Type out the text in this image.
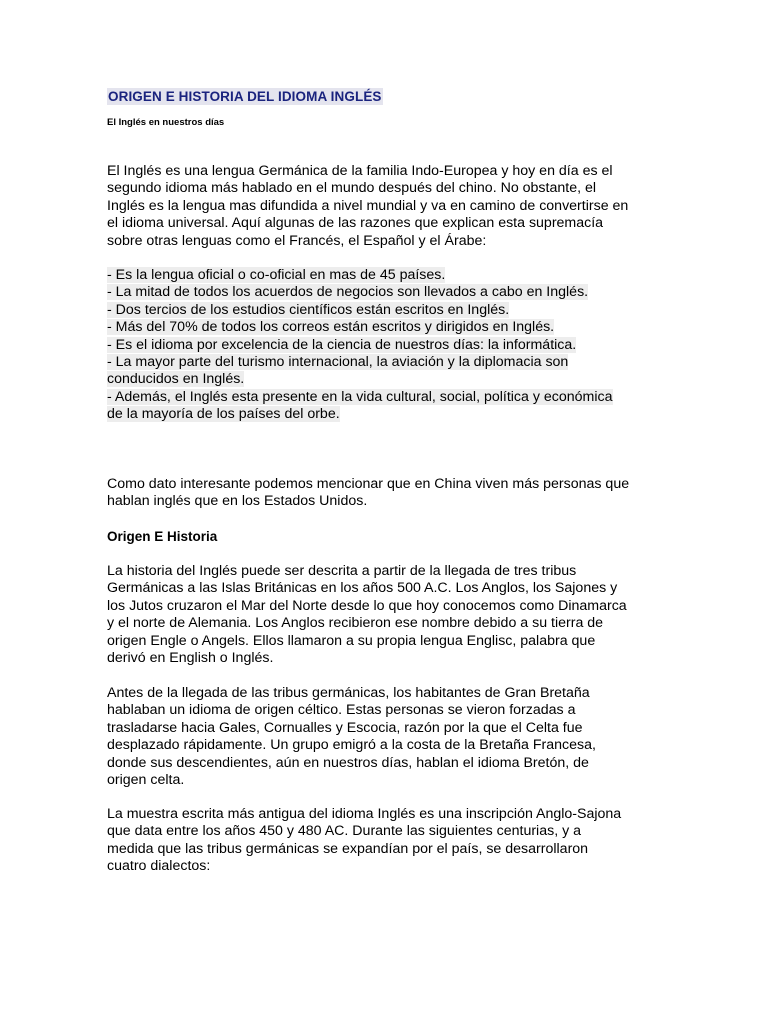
ORIGEN E HISTORIA DEL IDIOMA INGLÉS
El Inglés en nuestros días
El Inglés es una lengua Germánica de la familia Indo-Europea y hoy en día es el
segundo idioma más hablado en el mundo después del chino. No obstante, el
Inglés es la lengua mas difundida a nivel mundial y va en camino de convertirse en
el idioma universal. Aquí algunas de las razones que explican esta supremacía
sobre otras lenguas como el Francés, el Español y el Árabe:
- Es la lengua oficial o co-oficial en mas de 45 países.
- La mitad de todos los acuerdos de negocios son llevados a cabo en Inglés.
- Dos tercios de los estudios científicos están escritos en Inglés.
- Más del 70% de todos los correos están escritos y dirigidos en Inglés.
- Es el idioma por excelencia de la ciencia de nuestros días: la informática.
- La mayor parte del turismo internacional, la aviación y la diplomacia son
conducidos en Inglés.
- Además, el Inglés esta presente en la vida cultural, social, política y económica
de la mayoría de los países del orbe.
Como dato interesante podemos mencionar que en China viven más personas que
hablan inglés que en los Estados Unidos.
Origen E Historia
La historia del Inglés puede ser descrita a partir de la llegada de tres tribus
Germánicas a las Islas Británicas en los años 500 A.C. Los Anglos, los Sajones y
los Jutos cruzaron el Mar del Norte desde lo que hoy conocemos como Dinamarca
y el norte de Alemania. Los Anglos recibieron ese nombre debido a su tierra de
origen Engle o Angels. Ellos llamaron a su propia lengua Englisc, palabra que
derivó en English o Inglés.
Antes de la llegada de las tribus germánicas, los habitantes de Gran Bretaña
hablaban un idioma de origen céltico. Estas personas se vieron forzadas a
trasladarse hacia Gales, Cornualles y Escocia, razón por la que el Celta fue
desplazado rápidamente. Un grupo emigró a la costa de la Bretaña Francesa,
donde sus descendientes, aún en nuestros días, hablan el idioma Bretón, de
origen celta.
La muestra escrita más antigua del idioma Inglés es una inscripción Anglo-Sajona
que data entre los años 450 y 480 AC. Durante las siguientes centurias, y a
medida que las tribus germánicas se expandían por el país, se desarrollaron
cuatro dialectos:
